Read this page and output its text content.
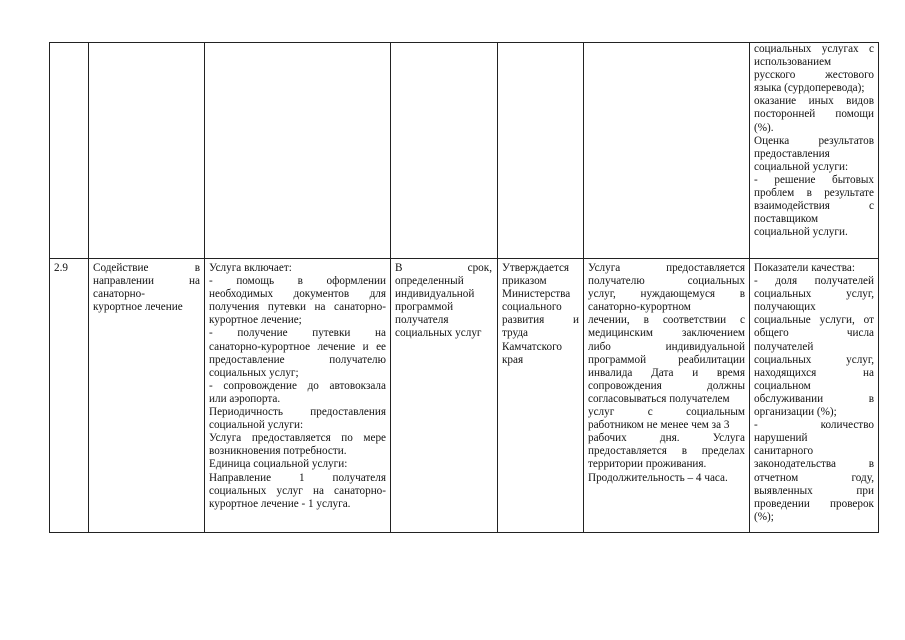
социальных услугах с

использованием

русского жестового

языка (сурдоперевода);

оказание иных видов

посторонней помощи

(%).

Оценка результатов

предоставления

социальной услуги:

- решение бытовых

проблем в результате

взаимодействия с

поставщиком

социальной услуги.

2.9	Содействие в

направлении на

санаторно-

курортное лечение

Услуга включает:

- помощь в оформлении

необходимых документов для

получения путевки на санаторно-

курортное лечение;

- получение путевки на

санаторно-курортное лечение и ее

предоставление получателю

социальных услуг;

- сопровождение до автовокзала

или аэропорта.

Периодичность предоставления

социальной услуги:

Услуга предоставляется по мере

возникновения потребности.

Единица социальной услуги:

Направление 1 получателя

социальных услуг на санаторно-

курортное лечение - 1 услуга.

В срок,

определенный

индивидуальной

программой

получателя

социальных услуг

Утверждается

приказом

Министерства

социального

развития и

труда

Камчатского

края

Услуга предоставляется

получателю социальных

услуг, нуждающемуся в

санаторно-курортном

лечении, в соответствии с

медицинским заключением

либо индивидуальной

программой реабилитации

инвалида Дата и время

сопровождения должны

согласовываться получателем

услуг с социальным

работником не менее чем за 3

рабочих дня. Услуга

предоставляется в пределах

территории проживания.

Продолжительность – 4 часа.

Показатели качества:

- доля получателей

социальных услуг,

получающих

социальные услуги, от

общего числа

получателей

социальных услуг,

находящихся на

социальном

обслуживании в

организации (%);

- количество

нарушений

санитарного

законодательства в

отчетном году,

выявленных при

проведении проверок

(%);
